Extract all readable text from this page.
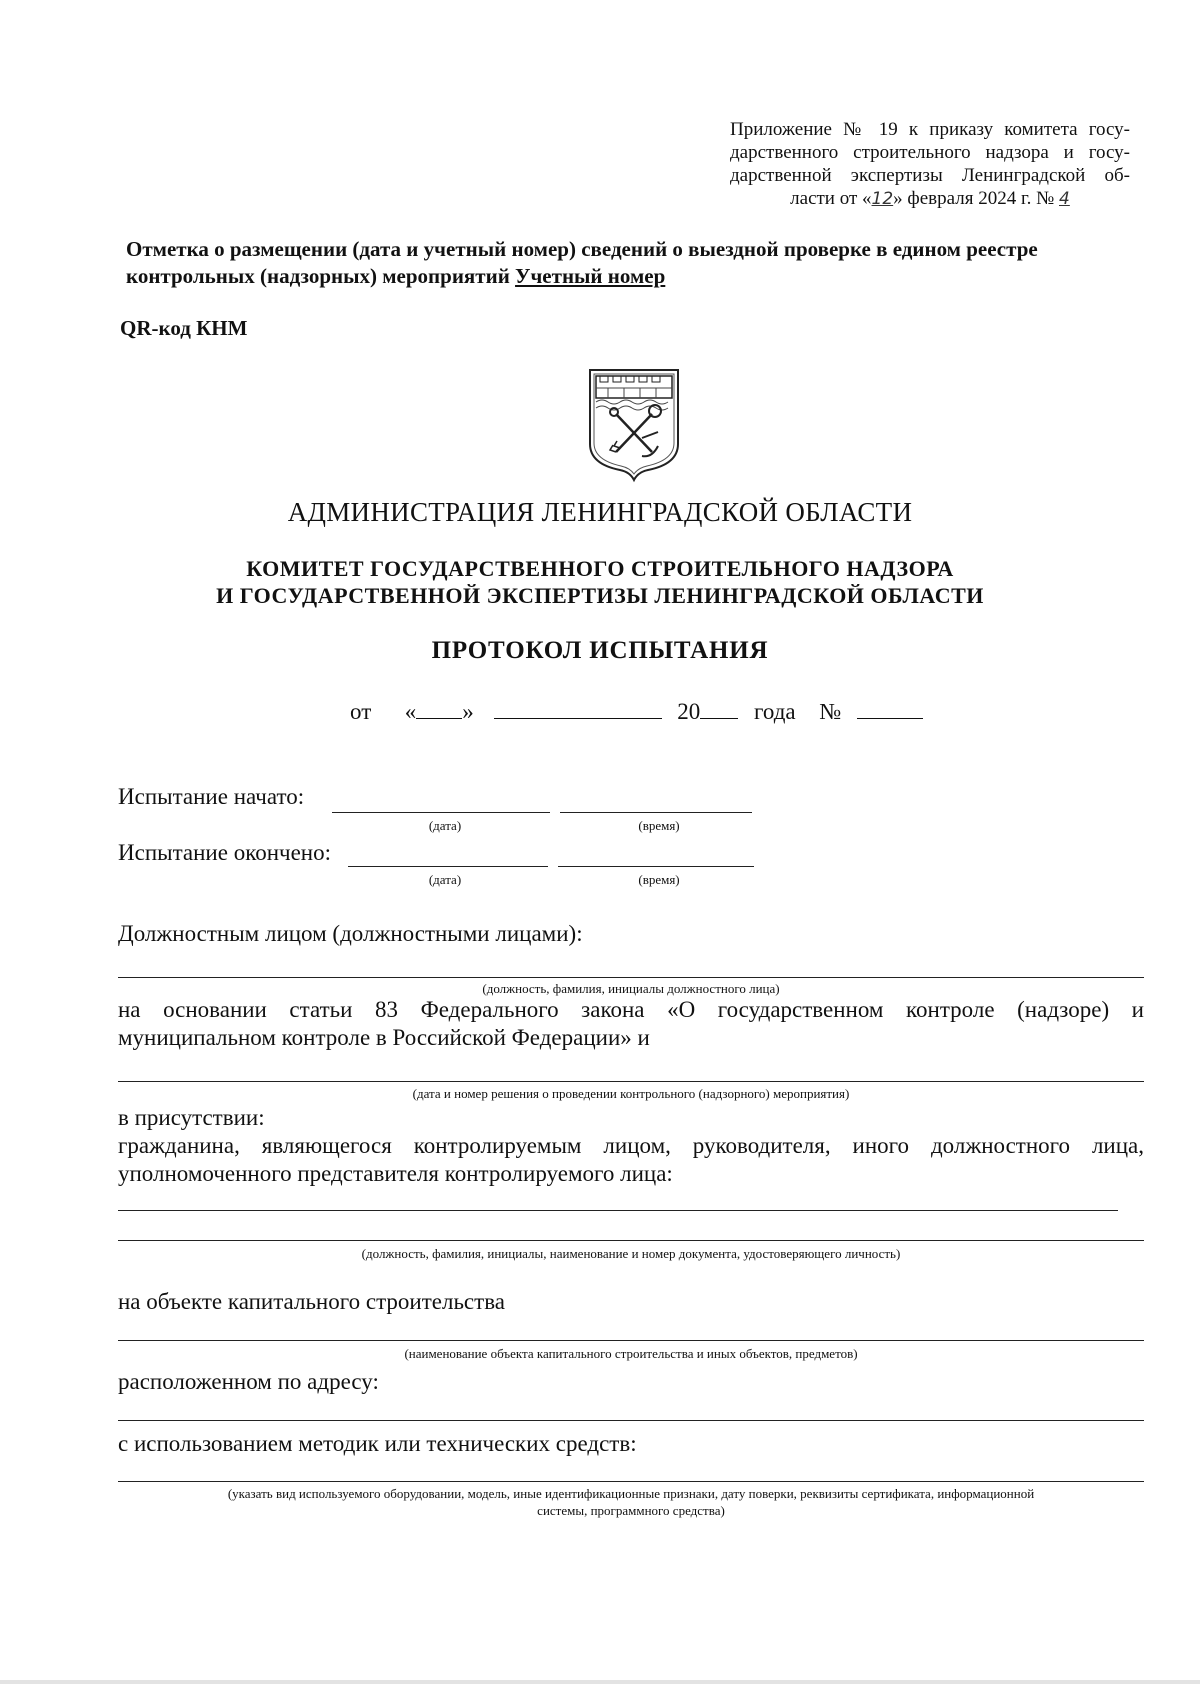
Приложение № 19 к приказу комитета госу-
дарственного строительного надзора и госу-
дарственной экспертизы Ленинградской об-
ласти от «12» февраля 2024 г. № 4
Отметка о размещении (дата и учетный номер) сведений о выездной проверке в едином реестре контрольных (надзорных) мероприятий Учетный номер
QR-код КНМ
АДМИНИСТРАЦИЯ ЛЕНИНГРАДСКОЙ ОБЛАСТИ
КОМИТЕТ ГОСУДАРСТВЕННОГО СТРОИТЕЛЬНОГО НАДЗОРА
И ГОСУДАРСТВЕННОЙ ЭКСПЕРТИЗЫ ЛЕНИНГРАДСКОЙ ОБЛАСТИ
ПРОТОКОЛ ИСПЫТАНИЯ
от « »	20 года №
Испытание начато:
(дата)	(время)
Испытание окончено:
(дата)	(время)
Должностным лицом (должностными лицами):
(должность, фамилия, инициалы должностного лица)
на основании статьи 83 Федерального закона «О государственном контроле (надзоре) и
муниципальном контроле в Российской Федерации» и
(дата и номер решения о проведении контрольного (надзорного) мероприятия)
в присутствии:
гражданина, являющегося контролируемым лицом, руководителя, иного должностного лица,
уполномоченного представителя контролируемого лица:
(должность, фамилия, инициалы, наименование и номер документа, удостоверяющего личность)
на объекте капитального строительства
(наименование объекта капитального строительства и иных объектов, предметов)
расположенном по адресу:
с использованием методик или технических средств:
(указать вид используемого оборудовании, модель, иные идентификационные признаки, дату поверки, реквизиты сертификата, информационной
системы, программного средства)
